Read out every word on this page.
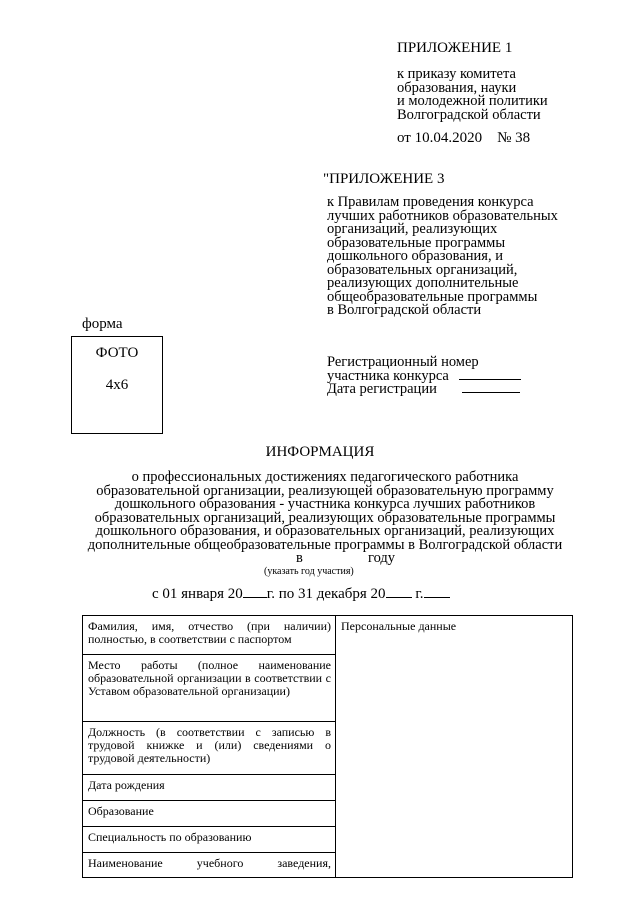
ПРИЛОЖЕНИЕ 1
к приказу комитета
образования, науки
и молодежной политики
Волгоградской области
от 10.04.2020    № 38
"ПРИЛОЖЕНИЕ 3
к Правилам проведения конкурса
лучших работников образовательных
организаций, реализующих
образовательные программы
дошкольного образования, и
образовательных организаций,
реализующих дополнительные
общеобразовательные программы
в Волгоградской области
форма
ФОТО
4x6
Регистрационный номер
участника конкурса
Дата регистрации
ИНФОРМАЦИЯ
о профессиональных достижениях педагогического работника
образовательной организации, реализующей образовательную программу
дошкольного образования - участника конкурса лучших работников
образовательных организаций, реализующих образовательные программы
дошкольного образования, и образовательных организаций, реализующих
дополнительные общеобразовательные программы в Волгоградской области
в	году
(указать год участия)
с 01 января 20 г. по 31 декабря 20 г.
Фамилия, имя, отчество (при наличии) полностью, в соответствии с паспортом	Персональные данные
Место работы (полное наименование образовательной организации в соответствии с Уставом образовательной организации)
Должность (в соответствии с записью в трудовой книжке и (или) сведениями о трудовой деятельности)
Дата рождения
Образование
Специальность по образованию
Наименование учебного заведения,
